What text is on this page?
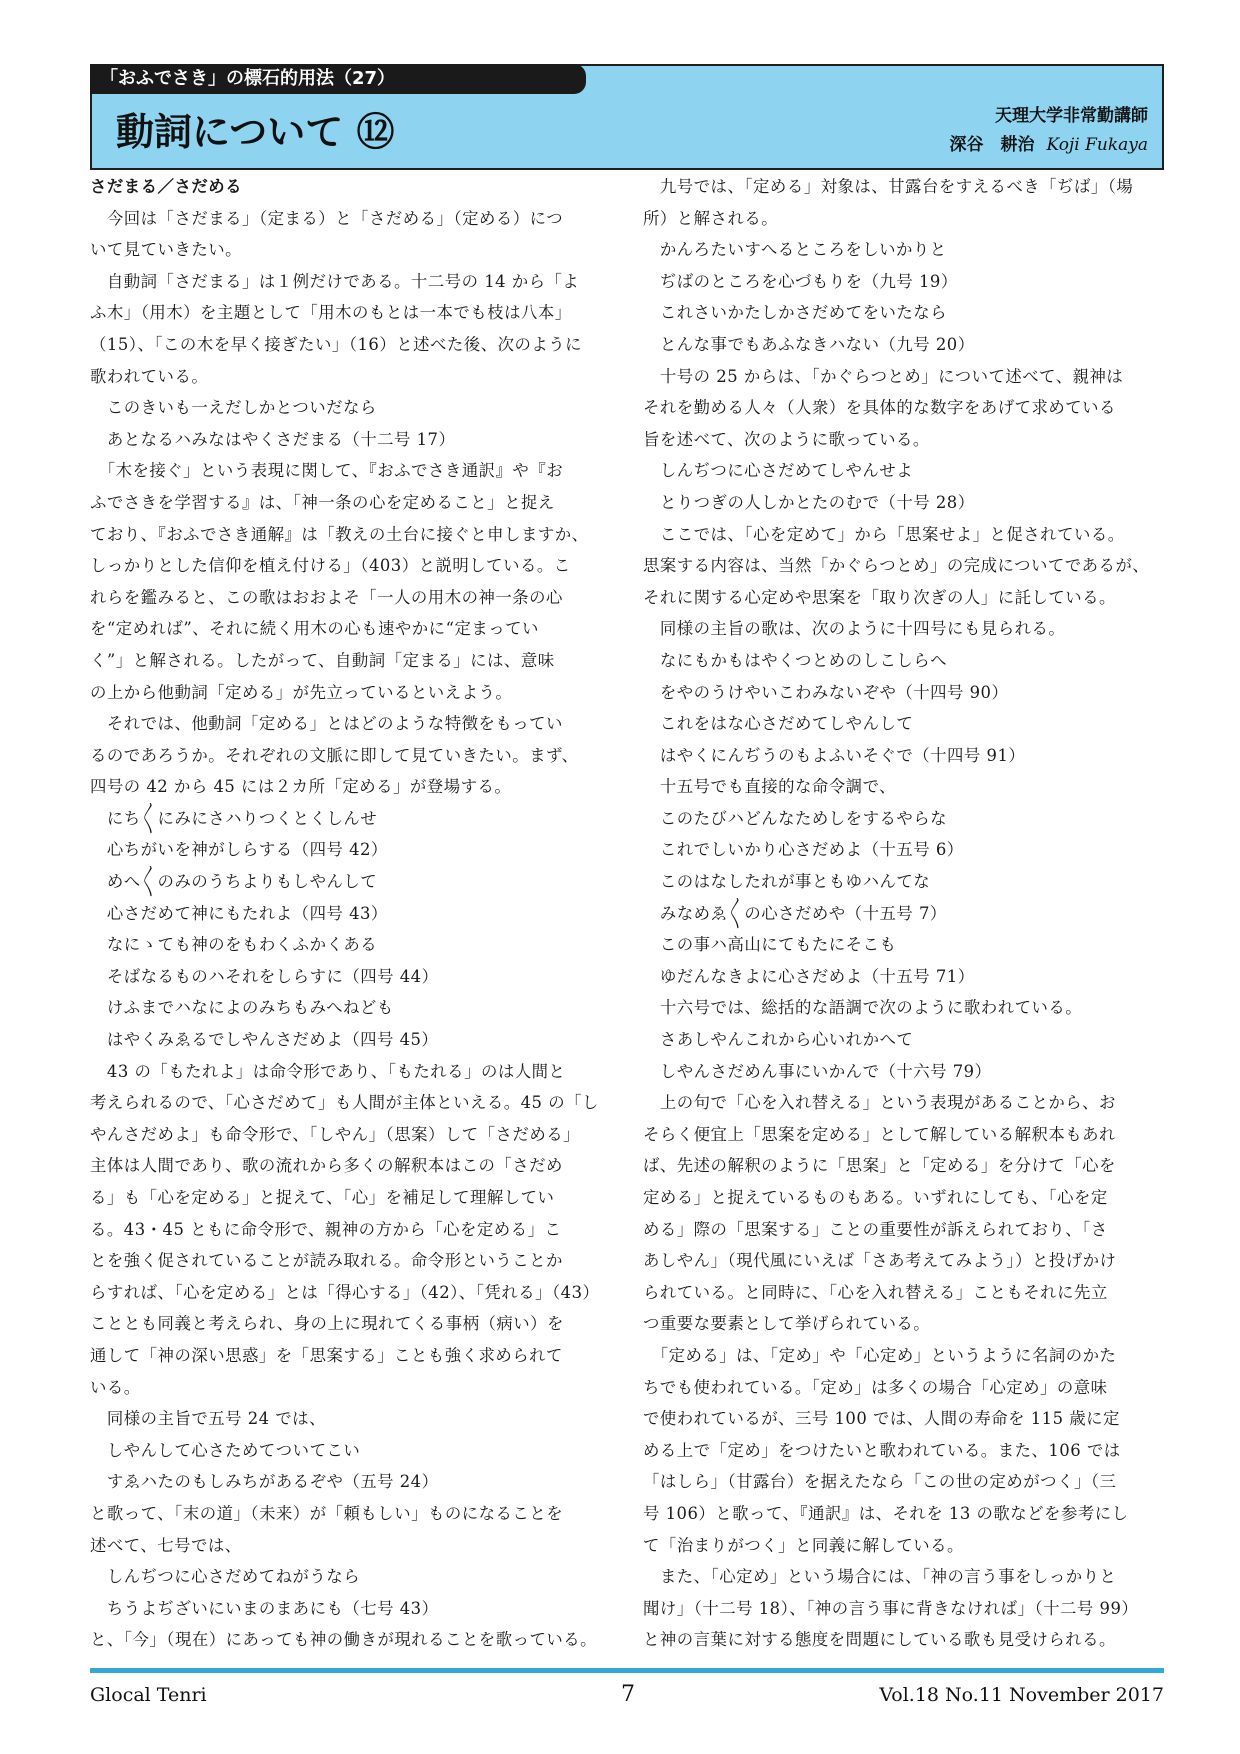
「おふでさき」の標石的用法（27）
動詞について ⑫	天理大学非常勤講師
深谷　耕治 Koji Fukaya
さだまる／さだめる
　今回は「さだまる」（定まる）と「さだめる」（定める）につ
いて見ていきたい。
　自動詞「さだまる」は１例だけである。十二号の 14 から「よ
ふ木」（用木）を主題として「用木のもとは一本でも枝は八本」
（15）、「この木を早く接ぎたい」（16）と述べた後、次のように
歌われている。
　このきいも一えだしかとついだなら
　あとなるハみなはやくさだまる（十二号 17）
　「木を接ぐ」という表現に関して、『おふでさき通訳』や『お
ふでさきを学習する』は、「神一条の心を定めること」と捉え
ており、『おふでさき通解』は「教えの土台に接ぐと申しますか、
しっかりとした信仰を植え付ける」（403）と説明している。こ
れらを鑑みると、この歌はおおよそ「一人の用木の神一条の心
を“定めれば”、それに続く用木の心も速やかに“定まってい
く”」と解される。したがって、自動詞「定まる」には、意味
の上から他動詞「定める」が先立っているといえよう。
　それでは、他動詞「定める」とはどのような特徴をもってい
るのであろうか。それぞれの文脈に即して見ていきたい。まず、
四号の 42 から 45 には２カ所「定める」が登場する。
　にち〳〵にみにさハりつくとくしんせ
　心ちがいを神がしらする（四号 42）
　めへ〳〵のみのうちよりもしやんして
　心さだめて神にもたれよ（四号 43）
　なにゝても神のをもわくふかくある
　そばなるものハそれをしらすに（四号 44）
　けふまでハなによのみちもみへねども
　はやくみゑるでしやんさだめよ（四号 45）
　43 の「もたれよ」は命令形であり、「もたれる」のは人間と
考えられるので、「心さだめて」も人間が主体といえる。45 の「し
やんさだめよ」も命令形で、「しやん」（思案）して「さだめる」
主体は人間であり、歌の流れから多くの解釈本はこの「さだめ
る」も「心を定める」と捉えて、「心」を補足して理解してい
る。43・45 ともに命令形で、親神の方から「心を定める」こ
とを強く促されていることが読み取れる。命令形ということか
らすれば、「心を定める」とは「得心する」（42）、「凭れる」（43）
こととも同義と考えられ、身の上に現れてくる事柄（病い）を
通して「神の深い思惑」を「思案する」ことも強く求められて
いる。
　同様の主旨で五号 24 では、
　しやんして心さためてついてこい
　すゑハたのもしみちがあるぞや（五号 24）
と歌って、「末の道」（未来）が「頼もしい」ものになることを
述べて、七号では、
　しんぢつに心さだめてねがうなら
　ちうよぢざいにいまのまあにも（七号 43）
と、「今」（現在）にあっても神の働きが現れることを歌っている。
　九号では、「定める」対象は、甘露台をすえるべき「ぢば」（場
所）と解される。
　かんろたいすへるところをしいかりと
　ぢばのところを心づもりを（九号 19）
　これさいかたしかさだめてをいたなら
　とんな事でもあふなきハない（九号 20）
　十号の 25 からは、「かぐらつとめ」について述べて、親神は
それを勤める人々（人衆）を具体的な数字をあげて求めている
旨を述べて、次のように歌っている。
　しんぢつに心さだめてしやんせよ
　とりつぎの人しかとたのむで（十号 28）
　ここでは、「心を定めて」から「思案せよ」と促されている。
思案する内容は、当然「かぐらつとめ」の完成についてであるが、
それに関する心定めや思案を「取り次ぎの人」に託している。
　同様の主旨の歌は、次のように十四号にも見られる。
　なにもかもはやくつとめのしこしらへ
　をやのうけやいこわみないぞや（十四号 90）
　これをはな心さだめてしやんして
　はやくにんぢうのもよふいそぐで（十四号 91）
　十五号でも直接的な命令調で、
　このたびハどんなためしをするやらな
　これでしいかり心さだめよ（十五号 6）
　このはなしたれが事ともゆハんてな
　みなめゑ〳〵の心さだめや（十五号 7）
　この事ハ高山にてもたにそこも
　ゆだんなきよに心さだめよ（十五号 71）
　十六号では、総括的な語調で次のように歌われている。
　さあしやんこれから心いれかへて
　しやんさだめん事にいかんで（十六号 79）
　上の句で「心を入れ替える」という表現があることから、お
そらく便宜上「思案を定める」として解している解釈本もあれ
ば、先述の解釈のように「思案」と「定める」を分けて「心を
定める」と捉えているものもある。いずれにしても、「心を定
める」際の「思案する」ことの重要性が訴えられており、「さ
あしやん」（現代風にいえば「さあ考えてみよう」）と投げかけ
られている。と同時に、「心を入れ替える」こともそれに先立
つ重要な要素として挙げられている。
　「定める」は、「定め」や「心定め」というように名詞のかた
ちでも使われている。「定め」は多くの場合「心定め」の意味
で使われているが、三号 100 では、人間の寿命を 115 歳に定
める上で「定め」をつけたいと歌われている。また、106 では
「はしら」（甘露台）を据えたなら「この世の定めがつく」（三
号 106）と歌って、『通訳』は、それを 13 の歌などを参考にし
て「治まりがつく」と同義に解している。
　また、「心定め」という場合には、「神の言う事をしっかりと
聞け」（十二号 18）、「神の言う事に背きなければ」（十二号 99）
と神の言葉に対する態度を問題にしている歌も見受けられる。
Glocal Tenri	7	Vol.18 No.11 November 2017
